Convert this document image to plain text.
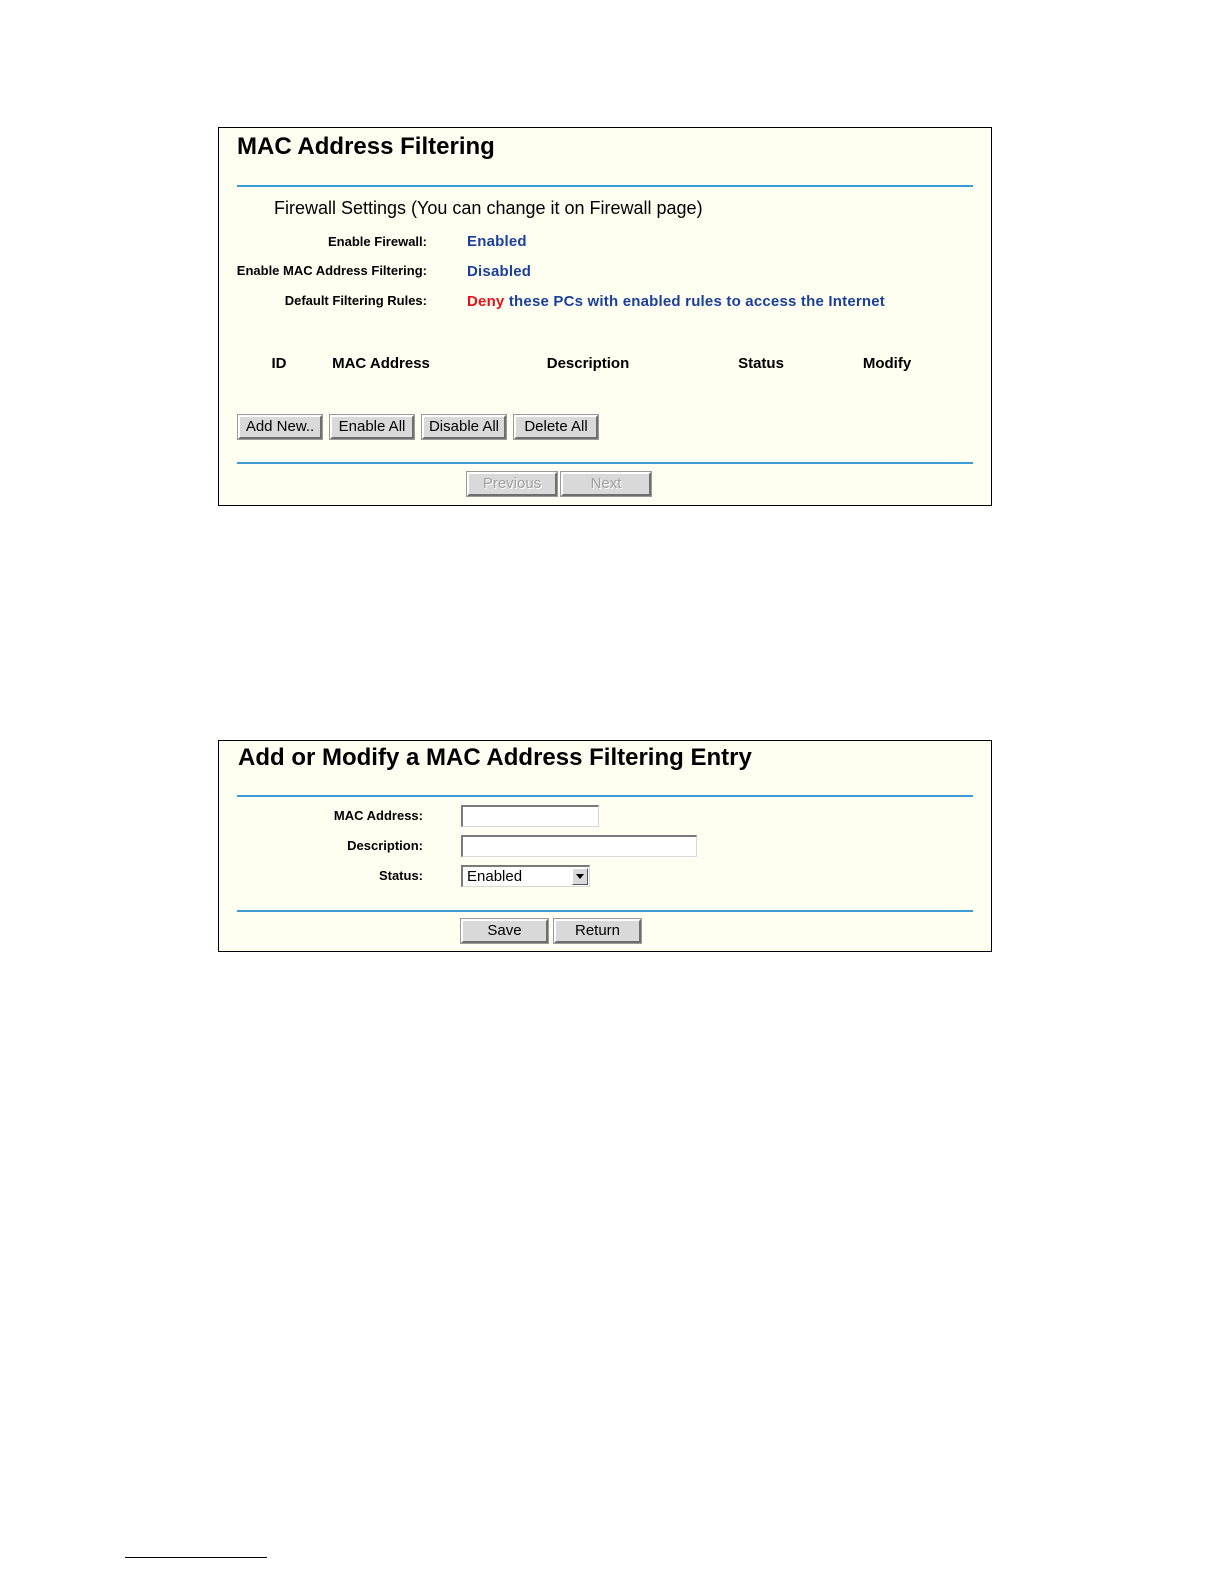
MAC Address Filtering
Firewall Settings (You can change it on Firewall page)
Enable Firewall:	Enabled
Enable MAC Address Filtering:	Disabled
Default Filtering Rules:	Deny these PCs with enabled rules to access the Internet
ID	MAC Address	Description	Status	Modify
Add New..	Enable All	Disable All	Delete All
Previous	Next
Add or Modify a MAC Address Filtering Entry
MAC Address:
Description:
Status:	Enabled
Save	Return
